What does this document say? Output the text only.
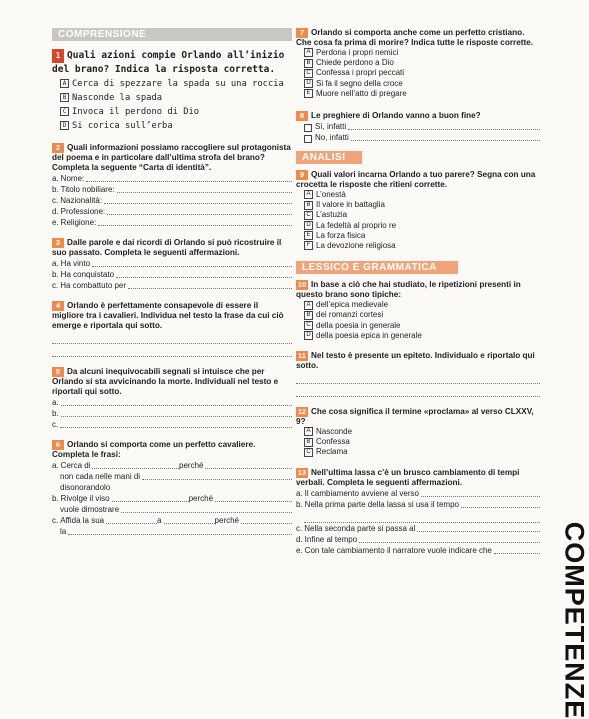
COMPRENSIONE
1 Quali azioni compie Orlando all’inizio del brano? Indica la risposta corretta.
A Cerca di spezzare la spada su una roccia
B Nasconde la spada
C Invoca il perdono di Dio
D Si corica sull’erba
2 Quali informazioni possiamo raccogliere sul protagonista del poema e in particolare dall’ultima strofa del brano? Completa la seguente “Carta di identità”.
a. Nome:
b. Titolo nobiliare:
c. Nazionalità:
d. Professione:
e. Religione:
3 Dalle parole e dai ricordi di Orlando si può ricostruire il suo passato. Completa le seguenti affermazioni.
a. Ha vinto
b. Ha conquistato
c. Ha combattuto per
4 Orlando è perfettamente consapevole di essere il migliore tra i cavalieri. Individua nel testo la frase da cui ciò emerge e riportala qui sotto.
5 Da alcuni inequivocabili segnali si intuisce che per Orlando si sta avvicinando la morte. Individuali nel testo e riportali qui sotto.
a.
b.
c.
6 Orlando si comporta come un perfetto cavaliere. Completa le frasi:
a. Cerca di	perché
non cada nelle mani di
disonorandolo
b. Rivolge il viso	perché
vuole dimostrare
c. Affida la sua	a	perché
la
7 Orlando si comporta anche come un perfetto cristiano. Che cosa fa prima di morire? Indica tutte le risposte corrette.
A Perdona i propri nemici
B Chiede perdono a Dio
C Confessa i propri peccati
D Si fa il segno della croce
E Muore nell’atto di pregare
8 Le preghiere di Orlando vanno a buon fine?
Sì, infatti
No, infatti
ANALISI
9 Quali valori incarna Orlando a tuo parere? Segna con una crocetta le risposte che ritieni corrette.
A L’onestà
B Il valore in battaglia
C L’astuzia
D La fedeltà al proprio re
E La forza fisica
F La devozione religiosa
LESSICO E GRAMMATICA
10 In base a ciò che hai studiato, le ripetizioni presenti in questo brano sono tipiche:
A dell’epica medievale
B dei romanzi cortesi
C della poesia in generale
D della poesia epica in generale
11 Nel testo è presente un epiteto. Individualo e riportalo qui sotto.
12 Che cosa significa il termine «proclama» al verso CLXXV, 9?
A Nasconde
B Confessa
C Reclama
13 Nell’ultima lassa c’è un brusco cambiamento di tempi verbali. Completa le seguenti affermazioni.
a. Il cambiamento avviene al verso
b. Nella prima parte della lassa si usa il tempo
c. Nella seconda parte si passa al
d. Infine al tempo
e. Con tale cambiamento il narratore vuole indicare che COMPETENZE
